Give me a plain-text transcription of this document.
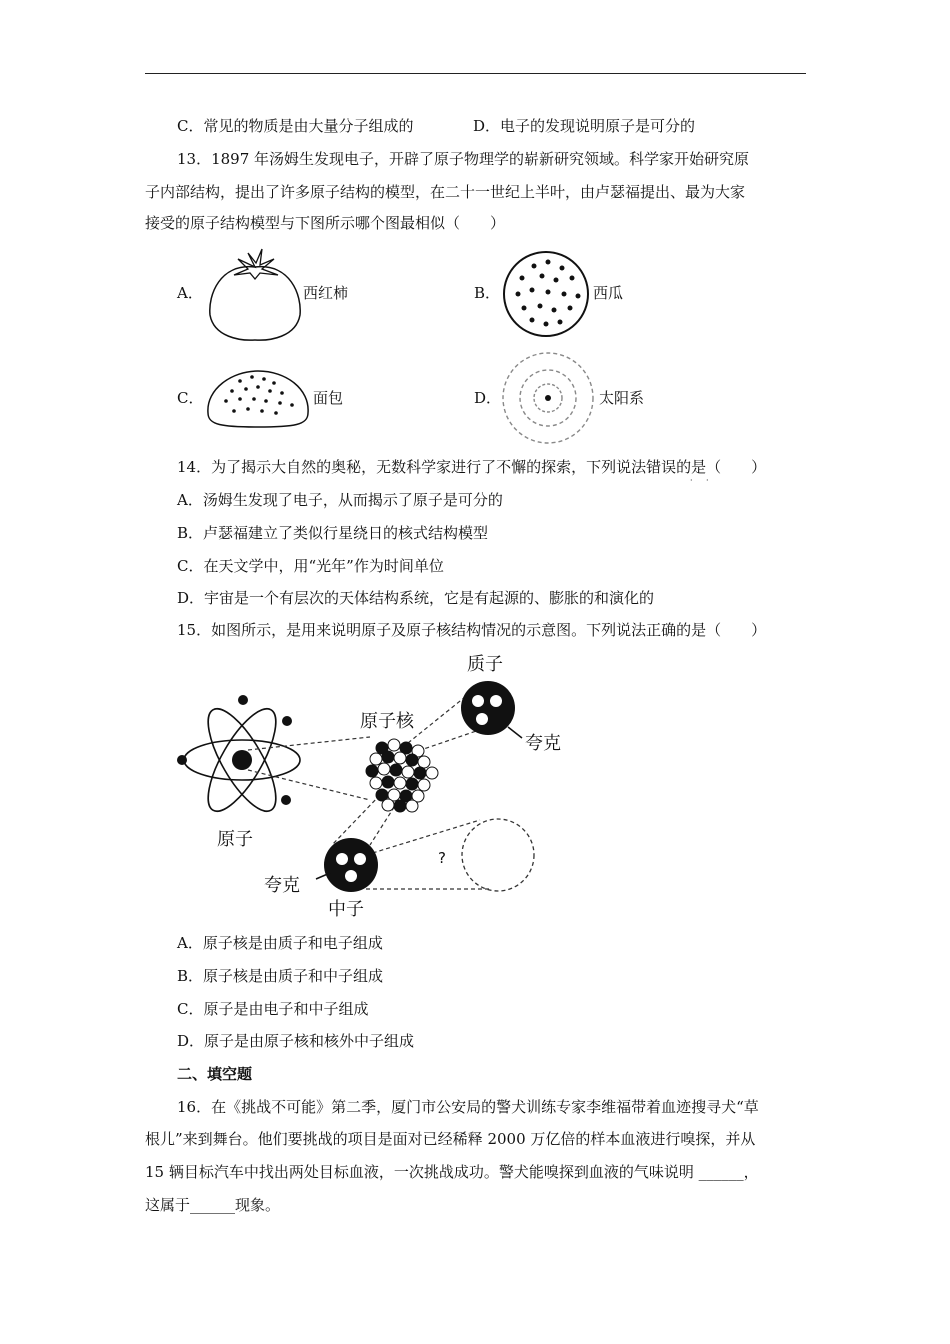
C．常见的物质是由大量分子组成的	D．电子的发现说明原子是可分的
13．1897 年汤姆生发现电子，开辟了原子物理学的崭新研究领域。科学家开始研究原
子内部结构，提出了许多原子结构的模型，在二十一世纪上半叶，由卢瑟福提出、最为大家
接受的原子结构模型与下图所示哪个图最相似（　　）
A．	西红柿	B．	西瓜
C．	面包	D．	太阳系
14．为了揭示大自然的奥秘，无数科学家进行了不懈的探索，下列说法错误的是（　　）
· ·
A．汤姆生发现了电子，从而揭示了原子是可分的
B．卢瑟福建立了类似行星绕日的核式结构模型
C．在天文学中，用“光年”作为时间单位
D．宇宙是一个有层次的天体结构系统，它是有起源的、膨胀的和演化的
15．如图所示，是用来说明原子及原子核结构情况的示意图。下列说法正确的是（　　）
质子
原子核
夸克
原子
?
夸克
中子
A．原子核是由质子和电子组成
B．原子核是由质子和中子组成
C．原子是由电子和中子组成
D．原子是由原子核和核外中子组成
二、填空题
16．在《挑战不可能》第二季，厦门市公安局的警犬训练专家李维福带着血迹搜寻犬“草
根儿”来到舞台。他们要挑战的项目是面对已经稀释 2000 万亿倍的样本血液进行嗅探，并从
15 辆目标汽车中找出两处目标血液，一次挑战成功。警犬能嗅探到血液的气味说明 ______，
这属于______现象。
